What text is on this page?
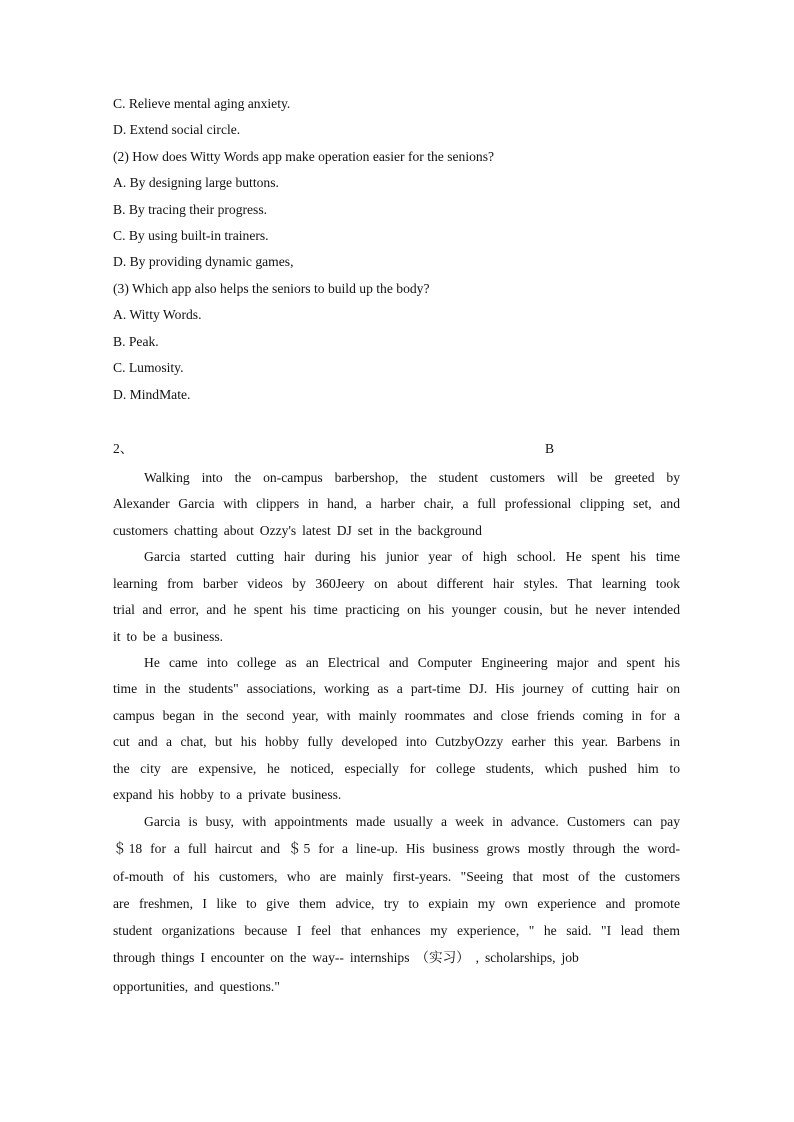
C. Relieve mental aging anxiety.
D. Extend social circle.
(2) How does Witty Words app make operation easier for the senions?
A. By designing large buttons.
B. By tracing their progress.
C. By using built-in trainers.
D. By providing dynamic games,
(3) Which app also helps the seniors to build up the body?
A. Witty Words.
B. Peak.
C. Lumosity.
D. MindMate.
2、	B
Walking into the on-campus barbershop, the student customers will be greeted by
Alexander Garcia with clippers in hand, a harber chair, a full professional clipping set, and
customers chatting about Ozzy's latest DJ set in the background
Garcia started cutting hair during his junior year of high school. He spent his time
learning from barber videos by 360Jeery on about different hair styles. That learning took
trial and error, and he spent his time practicing on his younger cousin, but he never intended
it to be a business.
He came into college as an Electrical and Computer Engineering major and spent his
time in the students" associations, working as a part-time DJ. His journey of cutting hair on
campus began in the second year, with mainly roommates and close friends coming in for a
cut and a chat, but his hobby fully developed into CutzbyOzzy earher this year. Barbens in
the city are expensive, he noticed, especially for college students, which pushed him to
expand his hobby to a private business.
Garcia is busy, with appointments made usually a week in advance. Customers can pay
＄18 for a full haircut and ＄5 for a line-up. His business grows mostly through the word-
of-mouth of his customers, who are mainly first-years. "Seeing that most of the customers
are freshmen, I like to give them advice, try to expiain my own experience and promote
student organizations because I feel that enhances my experience, " he said. "I lead them
through things I encounter on the way-- internships （实习） , scholarships, job
opportunities, and questions."
